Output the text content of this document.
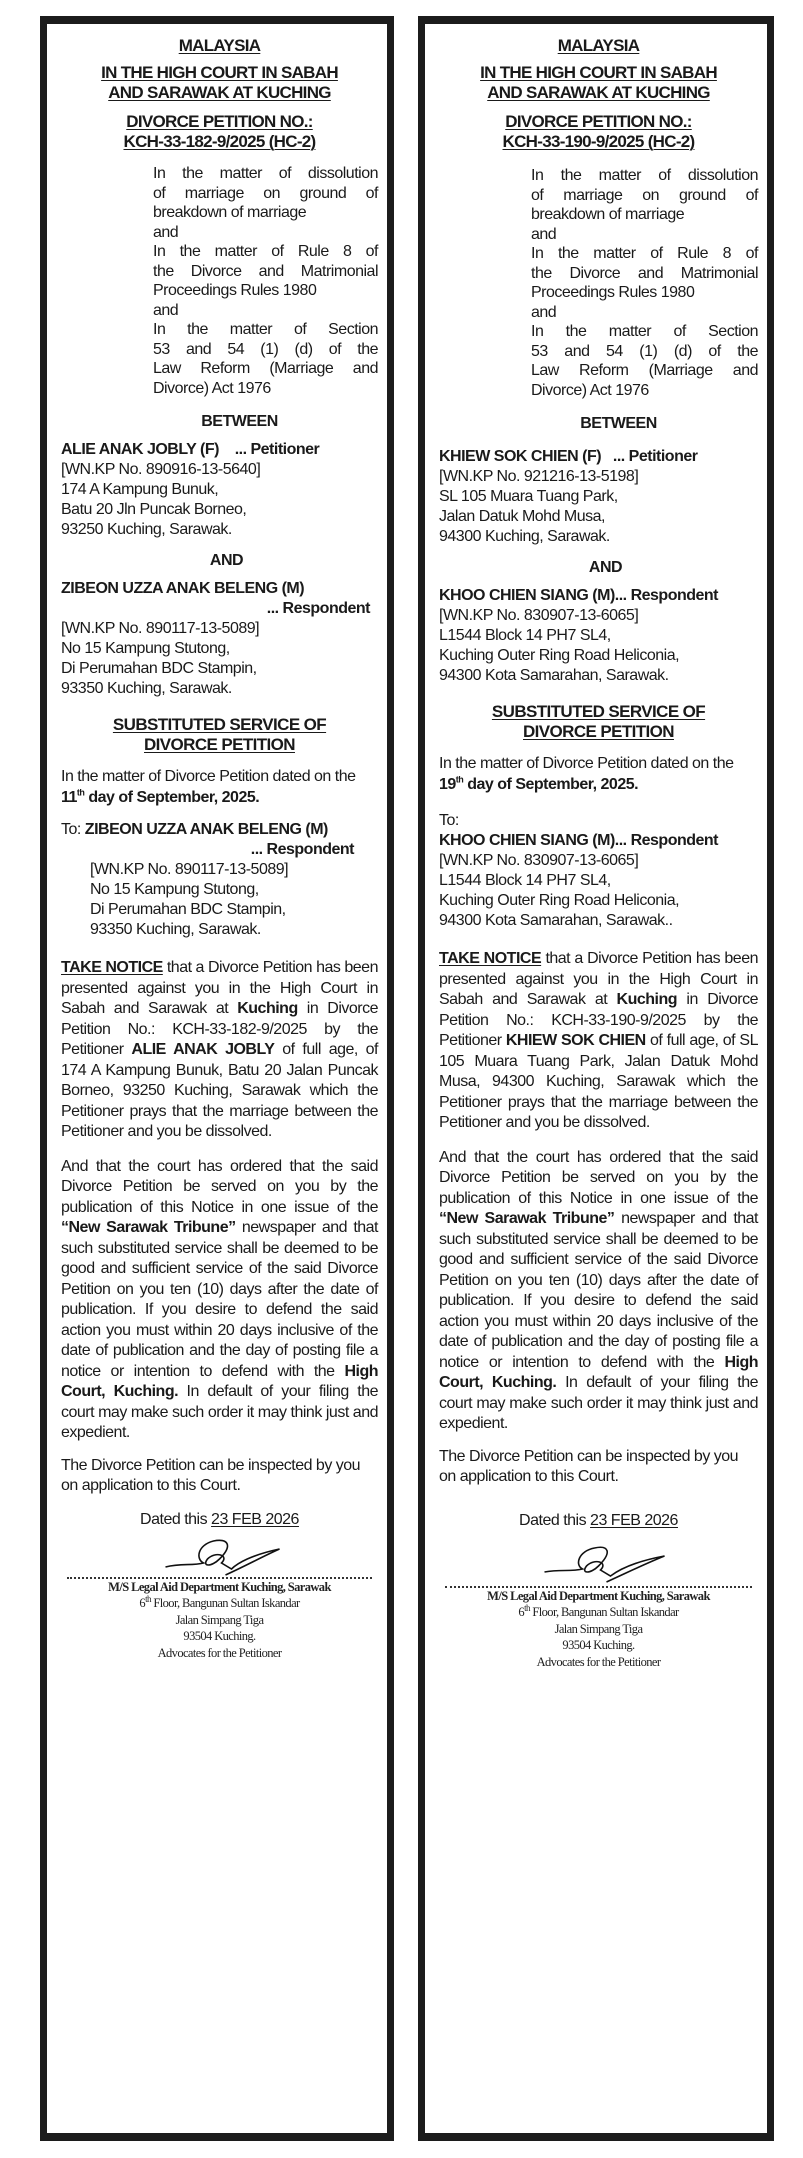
MALAYSIA
IN THE HIGH COURT IN SABAH
AND SARAWAK AT KUCHING
DIVORCE PETITION NO.:
KCH-33-182-9/2025 (HC-2)
In the matter of dissolution
of marriage on ground of
breakdown of marriage
and
In the matter of Rule 8 of
the Divorce and Matrimonial
Proceedings Rules 1980
and
In the matter of Section
53 and 54 (1) (d) of the
Law Reform (Marriage and
Divorce) Act 1976
BETWEEN
ALIE ANAK JOBLY (F) ... Petitioner
[WN.KP No. 890916-13-5640]
174 A Kampung Bunuk,
Batu 20 Jln Puncak Borneo,
93250 Kuching, Sarawak.
AND
ZIBEON UZZA ANAK BELENG (M)
... Respondent
[WN.KP No. 890117-13-5089]
No 15 Kampung Stutong,
Di Perumahan BDC Stampin,
93350 Kuching, Sarawak.
SUBSTITUTED SERVICE OF
DIVORCE PETITION
In the matter of Divorce Petition dated on the 11th day of September, 2025.
To: ZIBEON UZZA ANAK BELENG (M)
... Respondent
[WN.KP No. 890117-13-5089]
No 15 Kampung Stutong,
Di Perumahan BDC Stampin,
93350 Kuching, Sarawak.
TAKE NOTICE that a Divorce Petition has been presented against you in the High Court in Sabah and Sarawak at Kuching in Divorce Petition No.: KCH-33-182-9/2025 by the Petitioner ALIE ANAK JOBLY of full age, of 174 A Kampung Bunuk, Batu 20 Jalan Puncak Borneo, 93250 Kuching, Sarawak which the Petitioner prays that the marriage between the Petitioner and you be dissolved.
And that the court has ordered that the said Divorce Petition be served on you by the publication of this Notice in one issue of the “New Sarawak Tribune” newspaper and that such substituted service shall be deemed to be good and sufficient service of the said Divorce Petition on you ten (10) days after the date of publication. If you desire to defend the said action you must within 20 days inclusive of the date of publication and the day of posting file a notice or intention to defend with the High Court, Kuching. In default of your filing the court may make such order it may think just and expedient.
The Divorce Petition can be inspected by you on application to this Court.
Dated this 23 FEB 2026
M/S Legal Aid Department Kuching, Sarawak
6th Floor, Bangunan Sultan Iskandar
Jalan Simpang Tiga
93504 Kuching.
Advocates for the Petitioner
MALAYSIA
IN THE HIGH COURT IN SABAH
AND SARAWAK AT KUCHING
DIVORCE PETITION NO.:
KCH-33-190-9/2025 (HC-2)
In the matter of dissolution
of marriage on ground of
breakdown of marriage
and
In the matter of Rule 8 of
the Divorce and Matrimonial
Proceedings Rules 1980
and
In the matter of Section
53 and 54 (1) (d) of the
Law Reform (Marriage and
Divorce) Act 1976
BETWEEN
KHIEW SOK CHIEN (F) ... Petitioner
[WN.KP No. 921216-13-5198]
SL 105 Muara Tuang Park,
Jalan Datuk Mohd Musa,
94300 Kuching, Sarawak.
AND
KHOO CHIEN SIANG (M)... Respondent
[WN.KP No. 830907-13-6065]
L1544 Block 14 PH7 SL4,
Kuching Outer Ring Road Heliconia,
94300 Kota Samarahan, Sarawak.
SUBSTITUTED SERVICE OF
DIVORCE PETITION
In the matter of Divorce Petition dated on the 19th day of September, 2025.
To:
KHOO CHIEN SIANG (M)... Respondent
[WN.KP No. 830907-13-6065]
L1544 Block 14 PH7 SL4,
Kuching Outer Ring Road Heliconia,
94300 Kota Samarahan, Sarawak..
TAKE NOTICE that a Divorce Petition has been presented against you in the High Court in Sabah and Sarawak at Kuching in Divorce Petition No.: KCH-33-190-9/2025 by the Petitioner KHIEW SOK CHIEN of full age, of SL 105 Muara Tuang Park, Jalan Datuk Mohd Musa, 94300 Kuching, Sarawak which the Petitioner prays that the marriage between the Petitioner and you be dissolved.
And that the court has ordered that the said Divorce Petition be served on you by the publication of this Notice in one issue of the “New Sarawak Tribune” newspaper and that such substituted service shall be deemed to be good and sufficient service of the said Divorce Petition on you ten (10) days after the date of publication. If you desire to defend the said action you must within 20 days inclusive of the date of publication and the day of posting file a notice or intention to defend with the High Court, Kuching. In default of your filing the court may make such order it may think just and expedient.
The Divorce Petition can be inspected by you on application to this Court.
Dated this 23 FEB 2026
M/S Legal Aid Department Kuching, Sarawak
6th Floor, Bangunan Sultan Iskandar
Jalan Simpang Tiga
93504 Kuching.
Advocates for the Petitioner
